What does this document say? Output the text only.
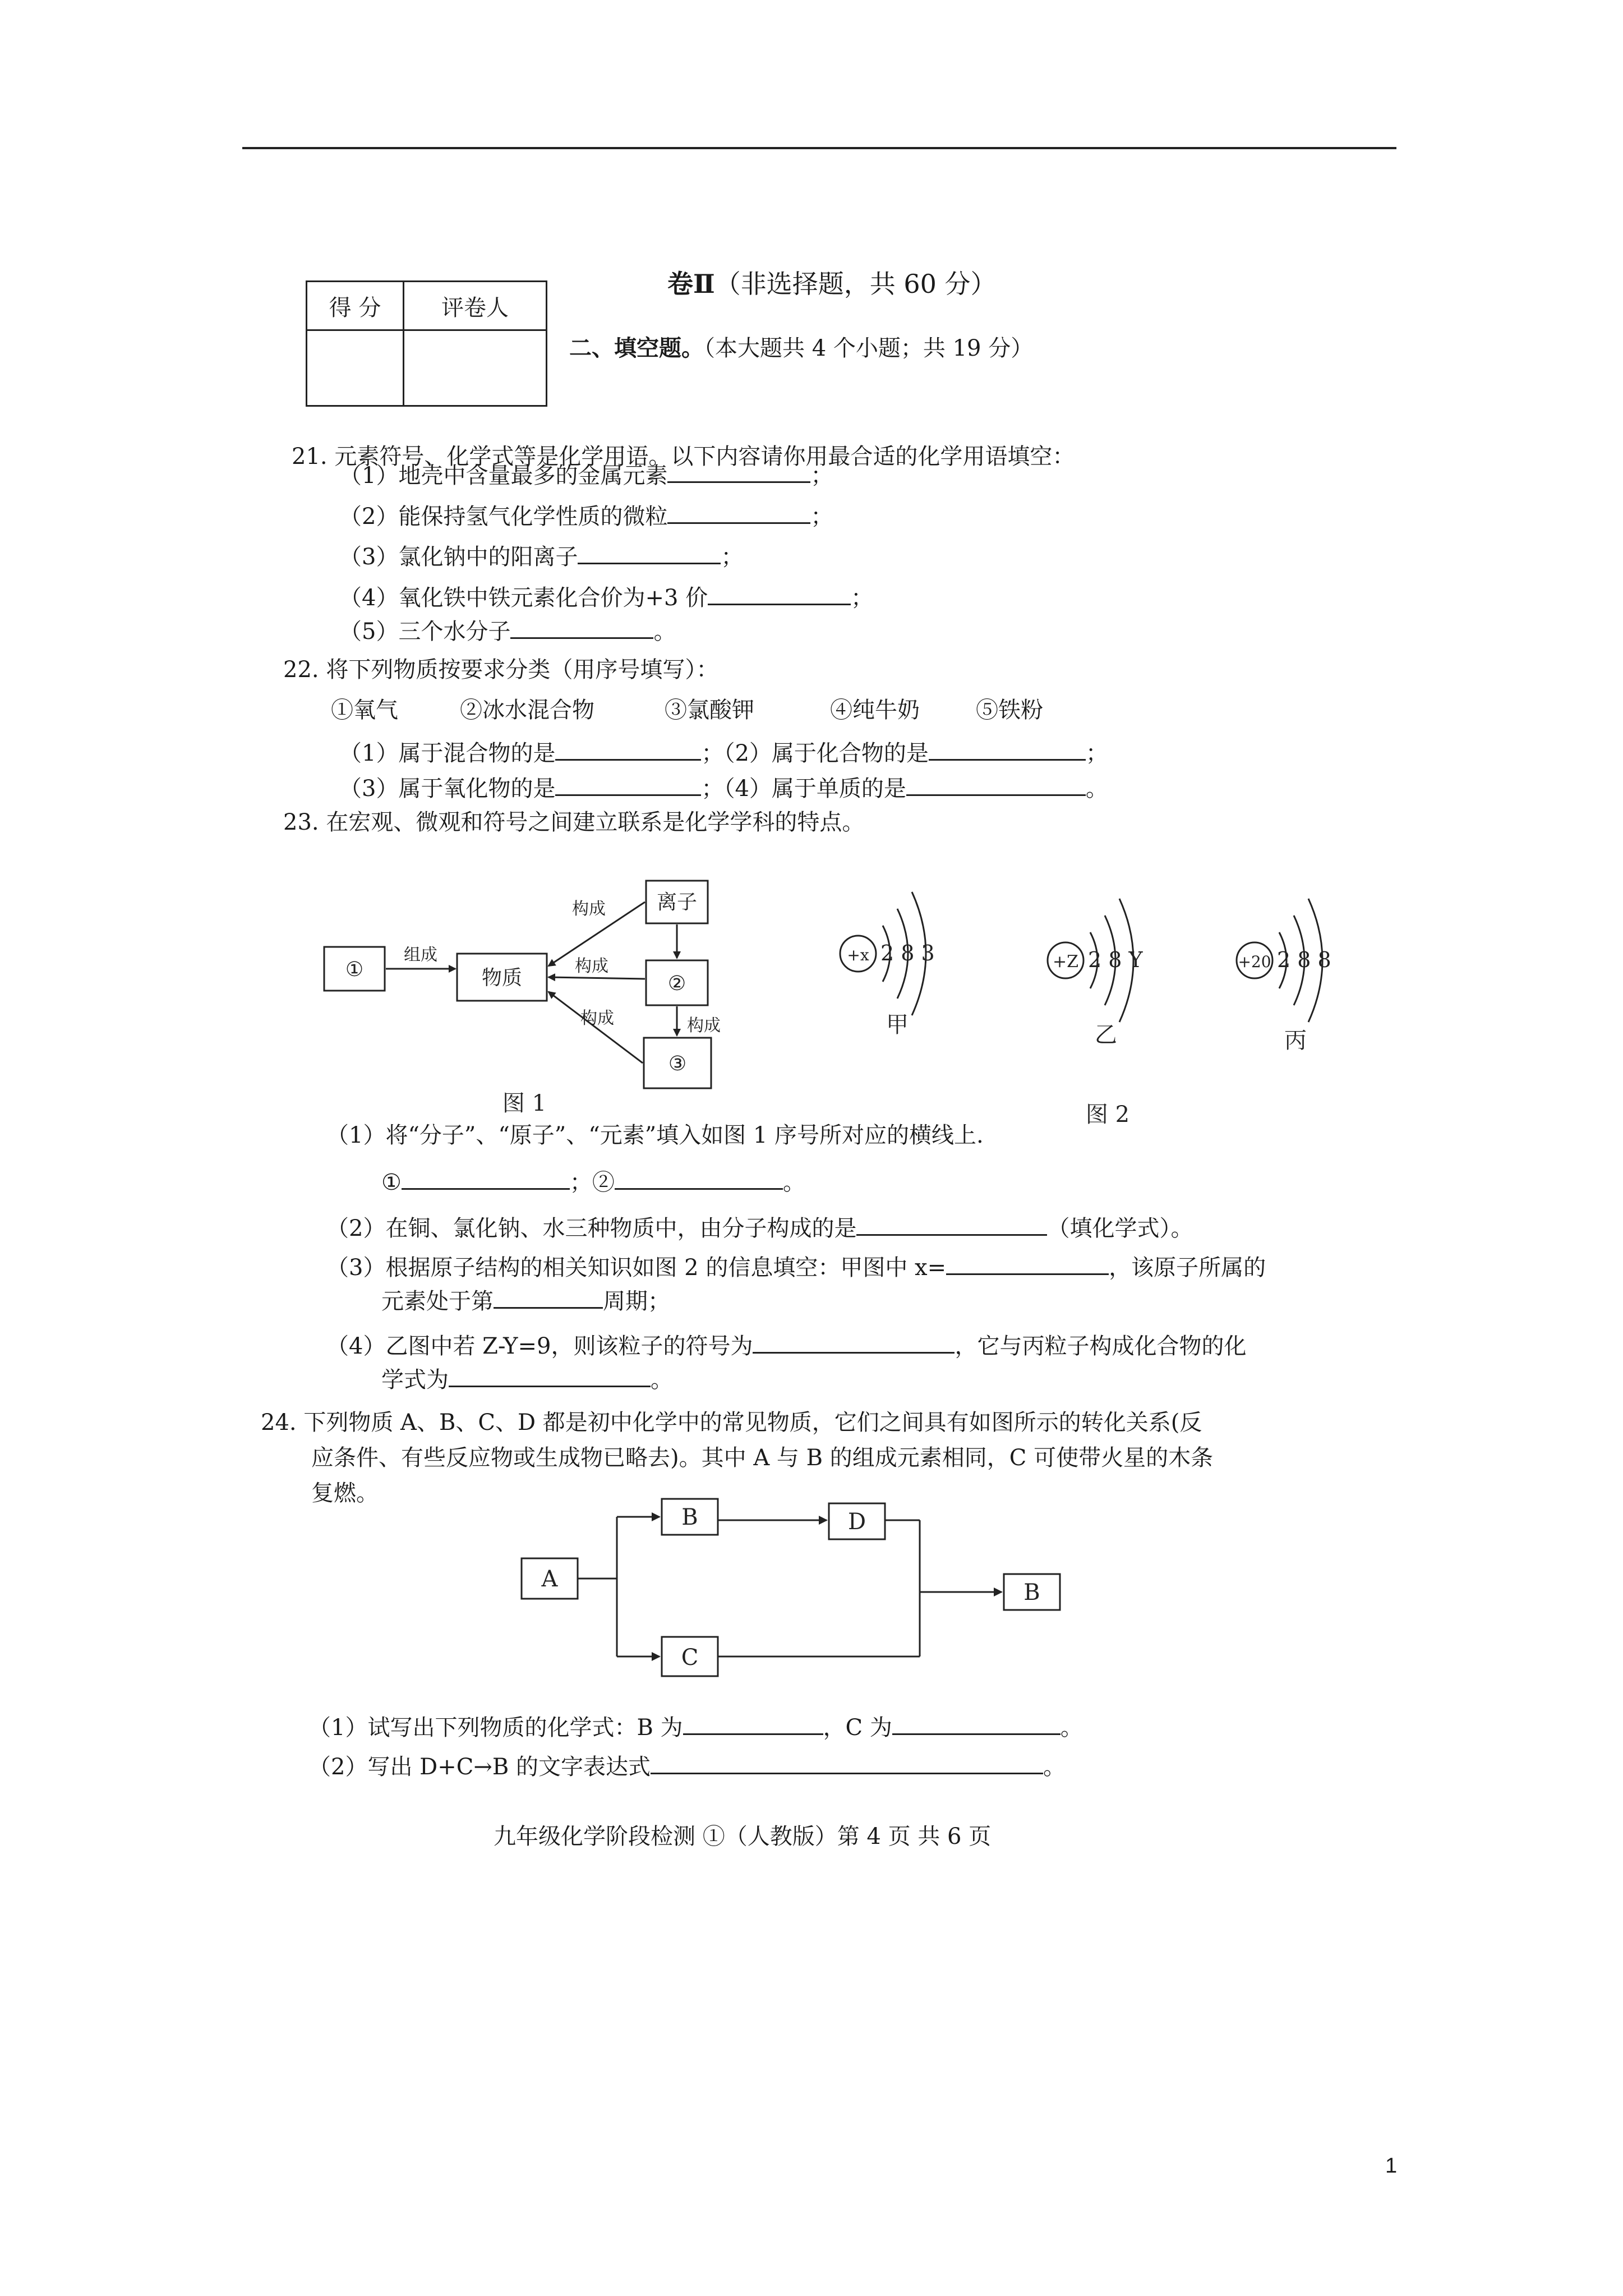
卷Ⅱ（非选择题，共 60 分）
得 分	评卷人

二、填空题。（本大题共 4 个小题；共 19 分）
21. 元素符号、化学式等是化学用语。以下内容请你用最合适的化学用语填空：
（1）地壳中含量最多的金属元素	；
（2）能保持氢气化学性质的微粒	；
（3）氯化钠中的阳离子	；
（4）氧化铁中铁元素化合价为+3 价	；
（5）三个水分子	。
22. 将下列物质按要求分类（用序号填写）：
①氧气	②冰水混合物	③氯酸钾	④纯牛奶	⑤铁粉
（1）属于混合物的是	；（2）属于化合物的是	；
（3）属于氧化物的是	；（4）属于单质的是	。
23. 在宏观、微观和符号之间建立联系是化学学科的特点。
①	物质
离子
②
③
组成
构成
构成
构成	构成
图 1
+x 2 8 3
甲
+Z 2 8 Y
乙
+20 2 8 8
丙
图 2
（1）将“分子”、“原子”、“元素”填入如图 1 序号所对应的横线上.
①	；②	。
（2）在铜、氯化钠、水三种物质中，由分子构成的是	（填化学式）。
（3）根据原子结构的相关知识如图 2 的信息填空：甲图中 x=	，该原子所属的
元素处于第	周期；
（4）乙图中若 Z-Y=9，则该粒子的符号为	，它与丙粒子构成化合物的化
学式为	。
24. 下列物质 A、B、C、D 都是初中化学中的常见物质，它们之间具有如图所示的转化关系(反
应条件、有些反应物或生成物已略去)。其中 A 与 B 的组成元素相同，C 可使带火星的木条
复燃。
A
B	D
C
B
（1）试写出下列物质的化学式：B 为	，C 为	。
（2）写出 D+C→B 的文字表达式	。
九年级化学阶段检测 ①（人教版）第 4 页 共 6 页
1
